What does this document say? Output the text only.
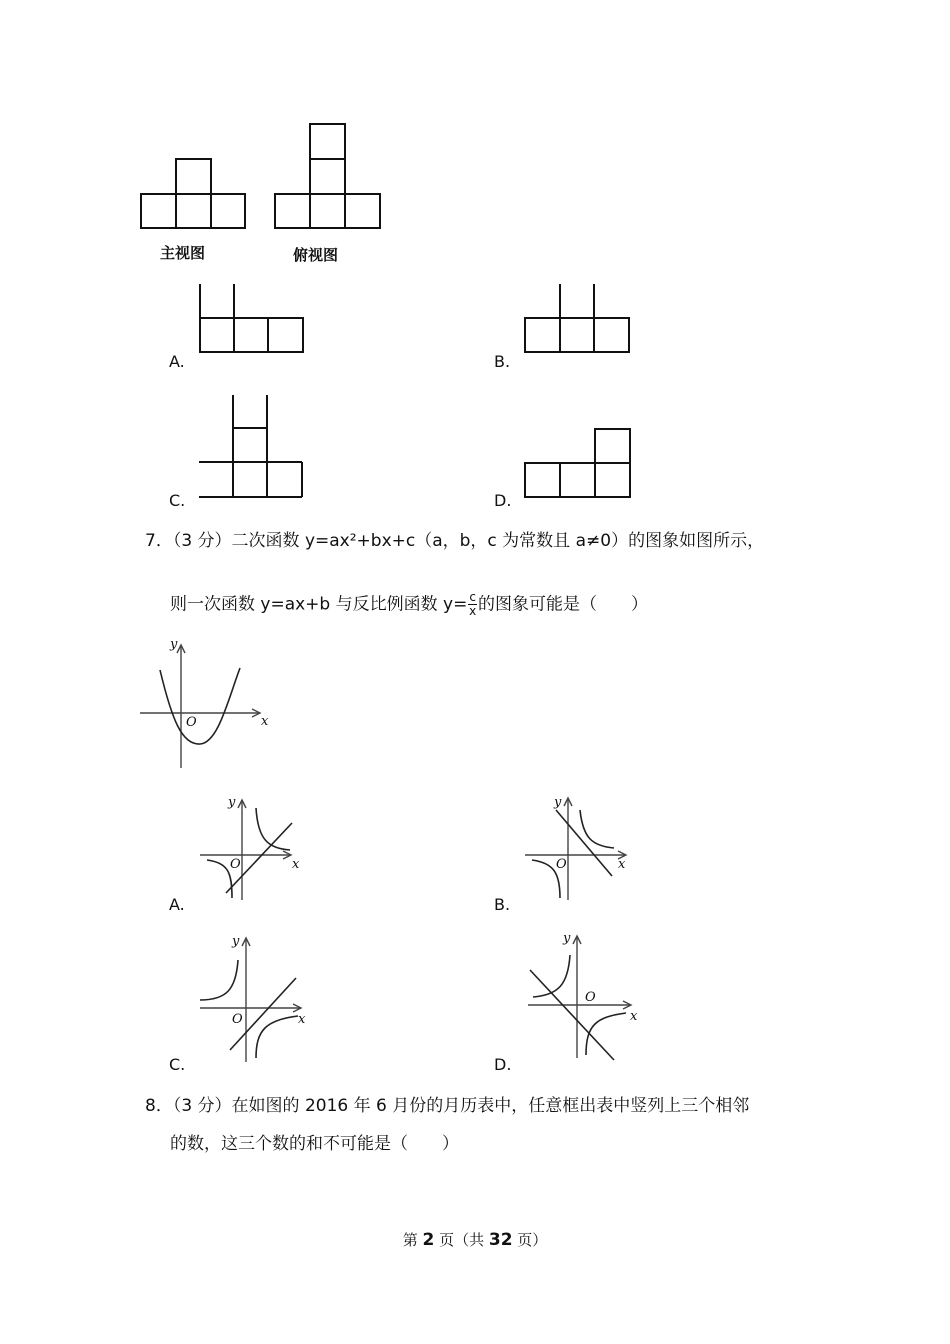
主视图	俯视图
A.	B.
C.	D.
7．（3 分）二次函数 y=ax²+bx+c（a，b，c 为常数且 a≠0）的图象如图所示，
则一次函数 y=ax+b 与反比例函数 $y= \frac{c}{x}$ 的图象可能是（　　）
y
x
O
y
x
O
y
x
O
y
x
O
y
x
O
A.	B.
C.	D.
8．（3 分）在如图的 2016 年 6 月份的月历表中，任意框出表中竖列上三个相邻
的数，这三个数的和不可能是（　　）
第 2 页（共 32 页）
